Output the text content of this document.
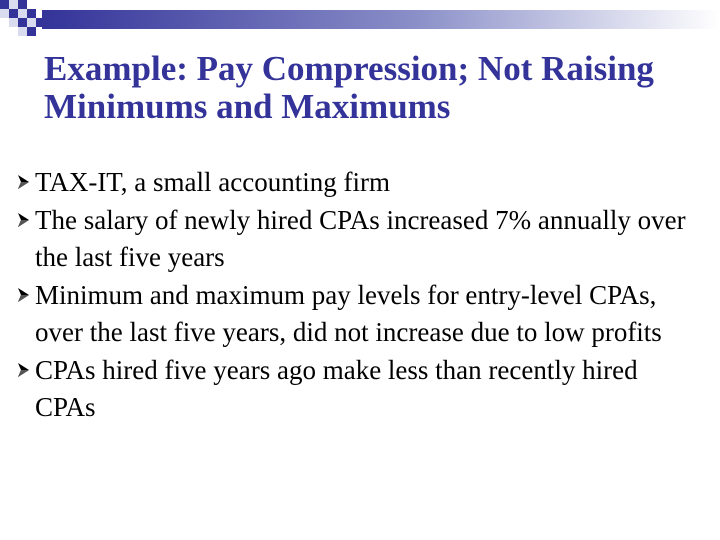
Example: Pay Compression; Not Raising Minimums and Maximums
TAX-IT, a small accounting firm
The salary of newly hired CPAs increased 7% annually over the last five years
Minimum and maximum pay levels for entry-level CPAs, over the last five years, did not increase due to low profits
CPAs hired five years ago make less than recently hired CPAs
